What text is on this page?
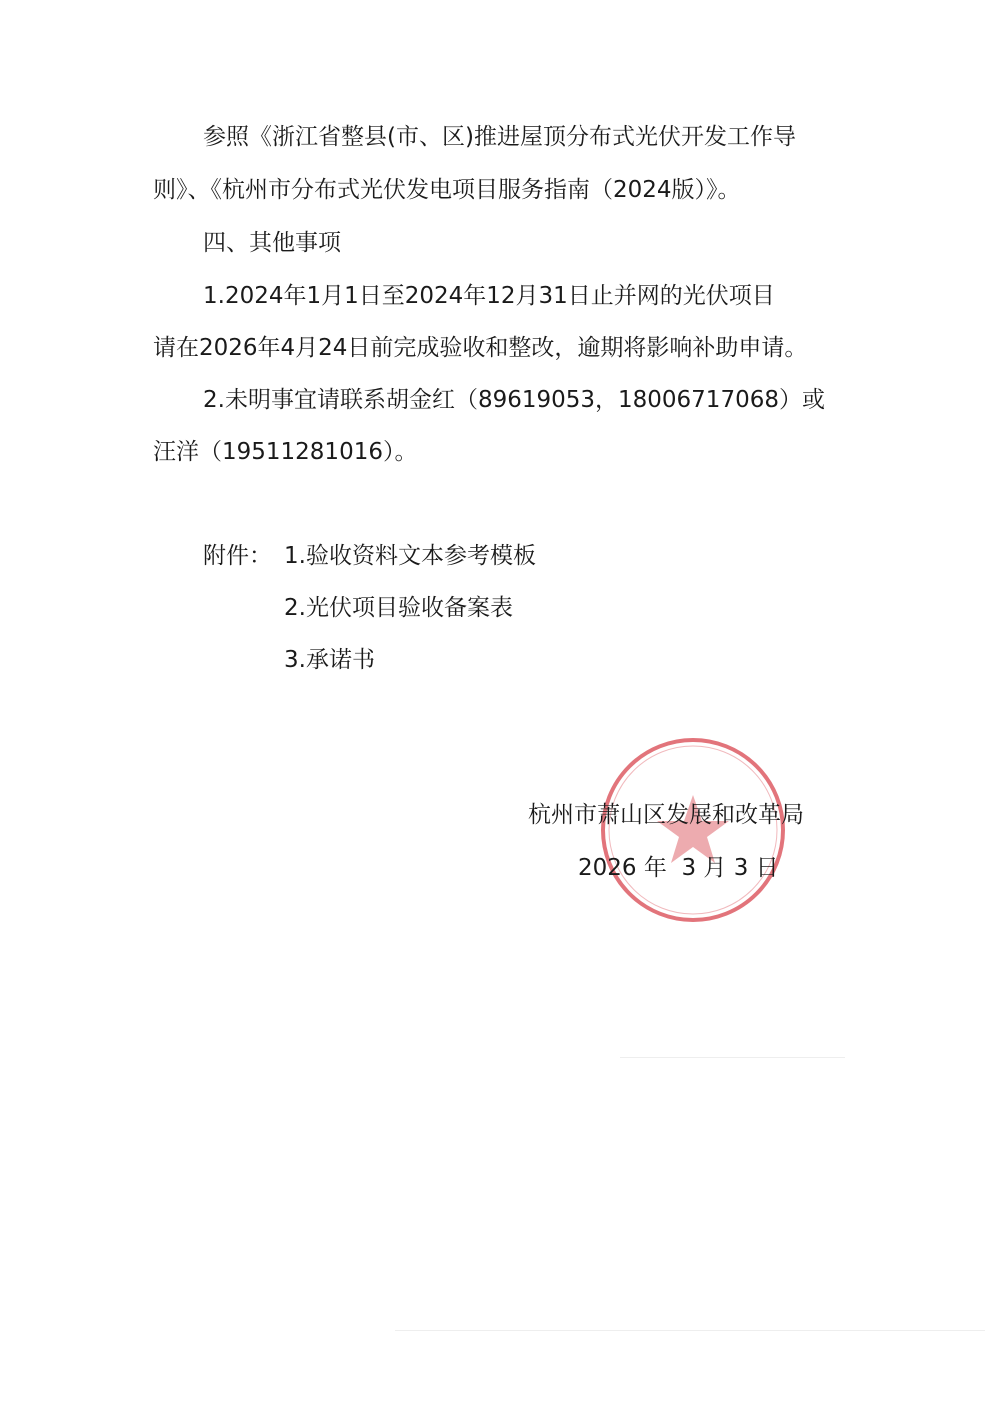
参照《浙江省整县(市、区)推进屋顶分布式光伏开发工作导
则》、《杭州市分布式光伏发电项目服务指南（2024版）》。
四、其他事项
1.2024年1月1日至2024年12月31日止并网的光伏项目
请在2026年4月24日前完成验收和整改，逾期将影响补助申请。
2.未明事宜请联系胡金红（89619053，18006717068）或
汪洋（19511281016）。
附件： 1.验收资料文本参考模板
2.光伏项目验收备案表
3.承诺书
杭州市萧山区发展和改革局
2026 年  3 月 3 日
